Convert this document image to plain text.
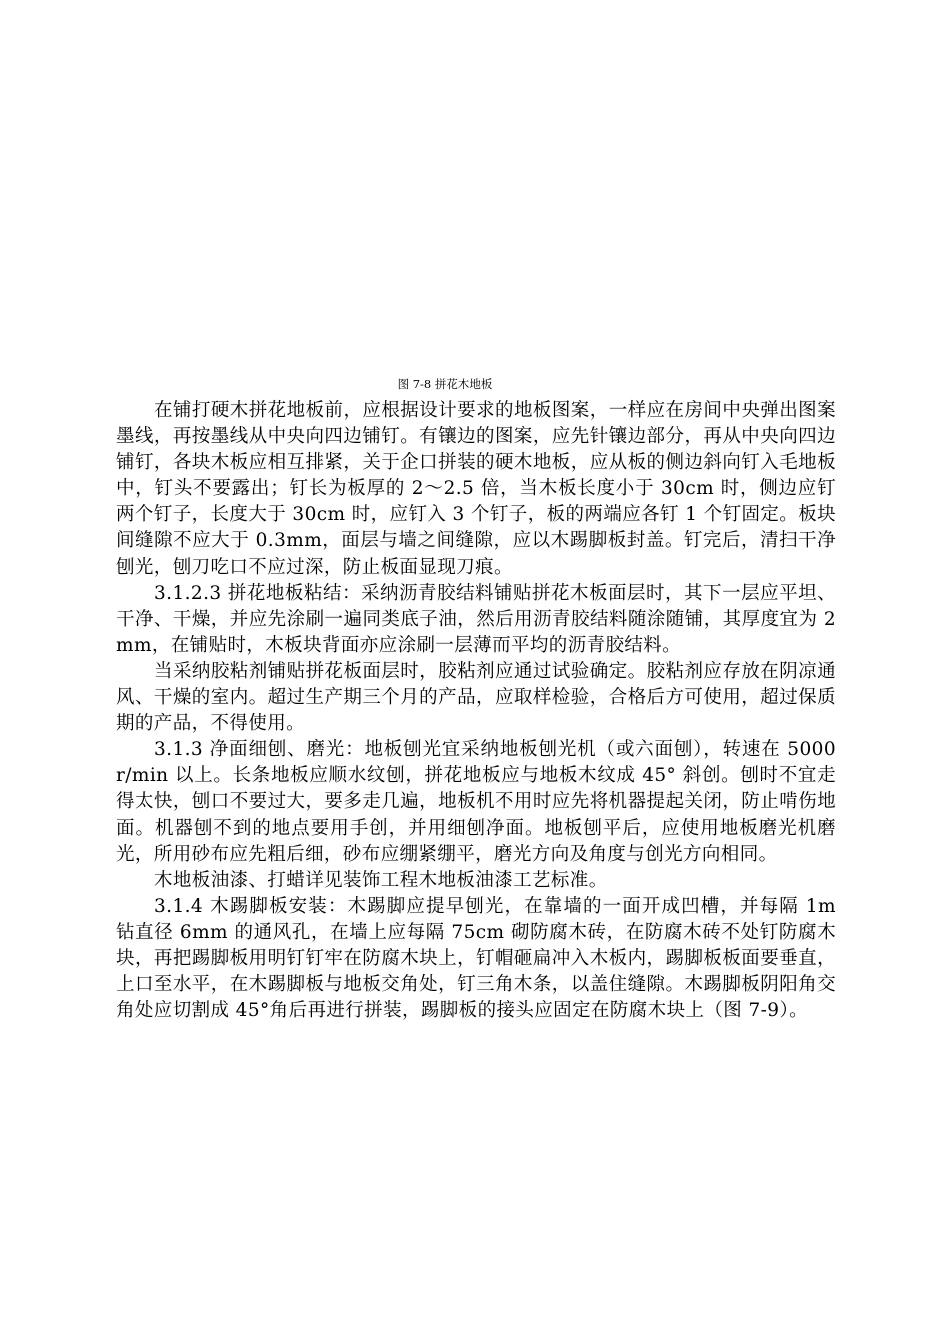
图 7-8 拼花木地板

在铺打硬木拼花地板前，应根据设计要求的地板图案，一样应在房间中央弹出图案墨线，再按墨线从中央向四边铺钉。有镶边的图案，应先针镶边部分，再从中央向四边铺钉，各块木板应相互排紧，关于企口拼装的硬木地板，应从板的侧边斜向钉入毛地板中，钉头不要露出；钉长为板厚的 2～2.5 倍，当木板长度小于 30cm 时，侧边应钉两个钉子，长度大于 30cm 时，应钉入 3 个钉子，板的两端应各钉 1 个钉固定。板块间缝隙不应大于 0.3mm，面层与墙之间缝隙，应以木踢脚板封盖。钉完后，清扫干净刨光，刨刀吃口不应过深，防止板面显现刀痕。

3.1.2.3 拼花地板粘结：采纳沥青胶结料铺贴拼花木板面层时，其下一层应平坦、干净、干燥，并应先涂刷一遍同类底子油，然后用沥青胶结料随涂随铺，其厚度宜为 2mm，在铺贴时，木板块背面亦应涂刷一层薄而平均的沥青胶结料。

当采纳胶粘剂铺贴拼花板面层时，胶粘剂应通过试验确定。胶粘剂应存放在阴凉通风、干燥的室内。超过生产期三个月的产品，应取样检验，合格后方可使用，超过保质期的产品，不得使用。

3.1.3 净面细刨、磨光：地板刨光宜采纳地板刨光机（或六面刨），转速在 5000r/min 以上。长条地板应顺水纹刨，拼花地板应与地板木纹成 45° 斜创。刨时不宜走得太快，刨口不要过大，要多走几遍，地板机不用时应先将机器提起关闭，防止啃伤地面。机器刨不到的地点要用手创，并用细刨净面。地板刨平后，应使用地板磨光机磨光，所用砂布应先粗后细，砂布应绷紧绷平，磨光方向及角度与创光方向相同。

木地板油漆、打蜡详见装饰工程木地板油漆工艺标准。

3.1.4 木踢脚板安装：木踢脚应提早刨光，在靠墙的一面开成凹槽，并每隔 1m 钻直径 6mm 的通风孔，在墙上应每隔 75cm 砌防腐木砖，在防腐木砖不处钉防腐木块，再把踢脚板用明钉钉牢在防腐木块上，钉帽砸扁冲入木板内，踢脚板板面要垂直，上口至水平，在木踢脚板与地板交角处，钉三角木条，以盖住缝隙。木踢脚板阴阳角交角处应切割成 45°角后再进行拼装，踢脚板的接头应固定在防腐木块上（图 7-9）。
